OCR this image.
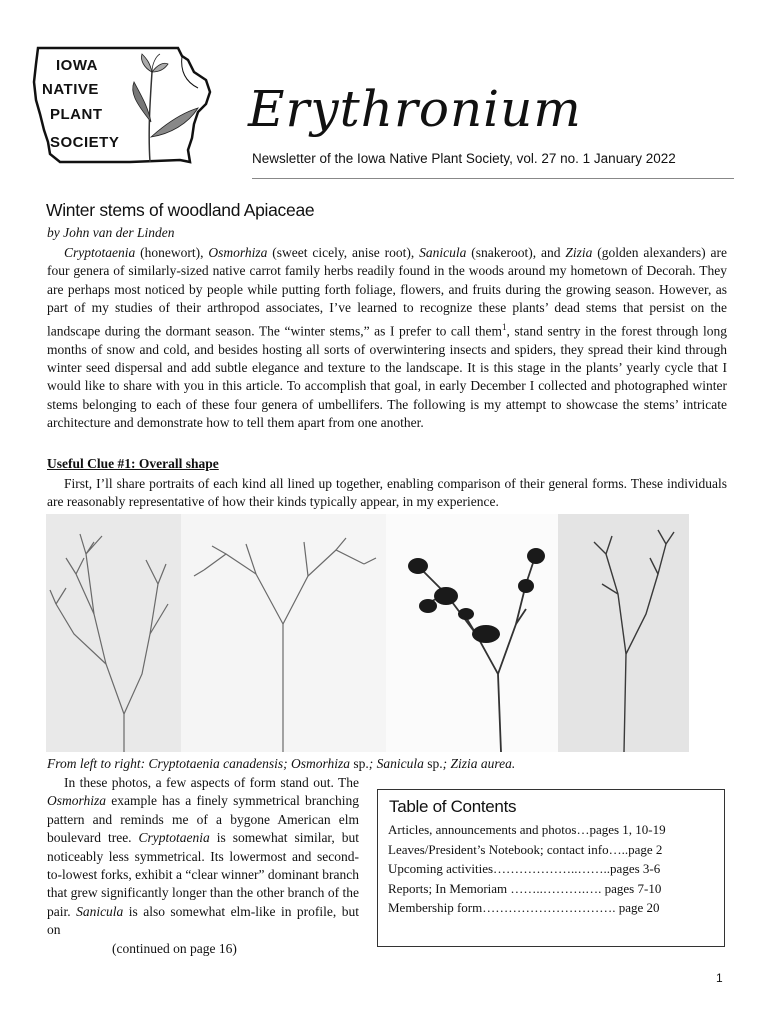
IOWA
NATIVE
PLANT
SOCIETY
Erythronium
Newsletter of the Iowa Native Plant Society, vol. 27 no. 1 January 2022
Winter stems of woodland Apiaceae
by John van der Linden

Cryptotaenia (honewort), Osmorhiza (sweet cicely, anise root), Sanicula (snakeroot), and Zizia (golden alexanders) are four genera of similarly-sized native carrot family herbs readily found in the woods around my hometown of Decorah. They are perhaps most noticed by people while putting forth foliage, flowers, and fruits during the growing season. However, as part of my studies of their arthropod associates, I’ve learned to recognize these plants’ dead stems that persist on the landscape during the dormant season. The “winter stems,” as I prefer to call them$^1$, stand sentry in the forest through long months of snow and cold, and besides hosting all sorts of overwintering insects and spiders, they spread their kind through winter seed dispersal and add subtle elegance and texture to the landscape. It is this stage in the plants’ yearly cycle that I would like to share with you in this article. To accomplish that goal, in early December I collected and photographed winter stems belonging to each of these four genera of umbellifers. The following is my attempt to showcase the stems’ intricate architecture and demonstrate how to tell them apart from one another.

Useful Clue #1: Overall shape

First, I’ll share portraits of each kind all lined up together, enabling comparison of their general forms. These individuals are reasonably representative of how their kinds typically appear, in my experience.

From left to right: Cryptotaenia canadensis; Osmorhiza sp.; Sanicula sp.; Zizia aurea.

In these photos, a few aspects of form stand out. The Osmorhiza example has a finely symmetrical branching pattern and reminds me of a bygone American elm boulevard tree. Cryptotaenia is somewhat similar, but noticeably less symmetrical. Its lowermost and second-to-lowest forks, exhibit a “clear winner” dominant branch that grew significantly longer than the other branch of the pair. Sanicula is also somewhat elm-like in profile, but on

(continued on page 16)
Table of Contents
Articles, announcements and photos…pages 1, 10-19
Leaves/President’s Notebook; contact info…..page 2
Upcoming activities………………..……..pages 3-6
Reports; In Memoriam ……..……….…. pages 7-10
Membership form…………………………. page 20
1
